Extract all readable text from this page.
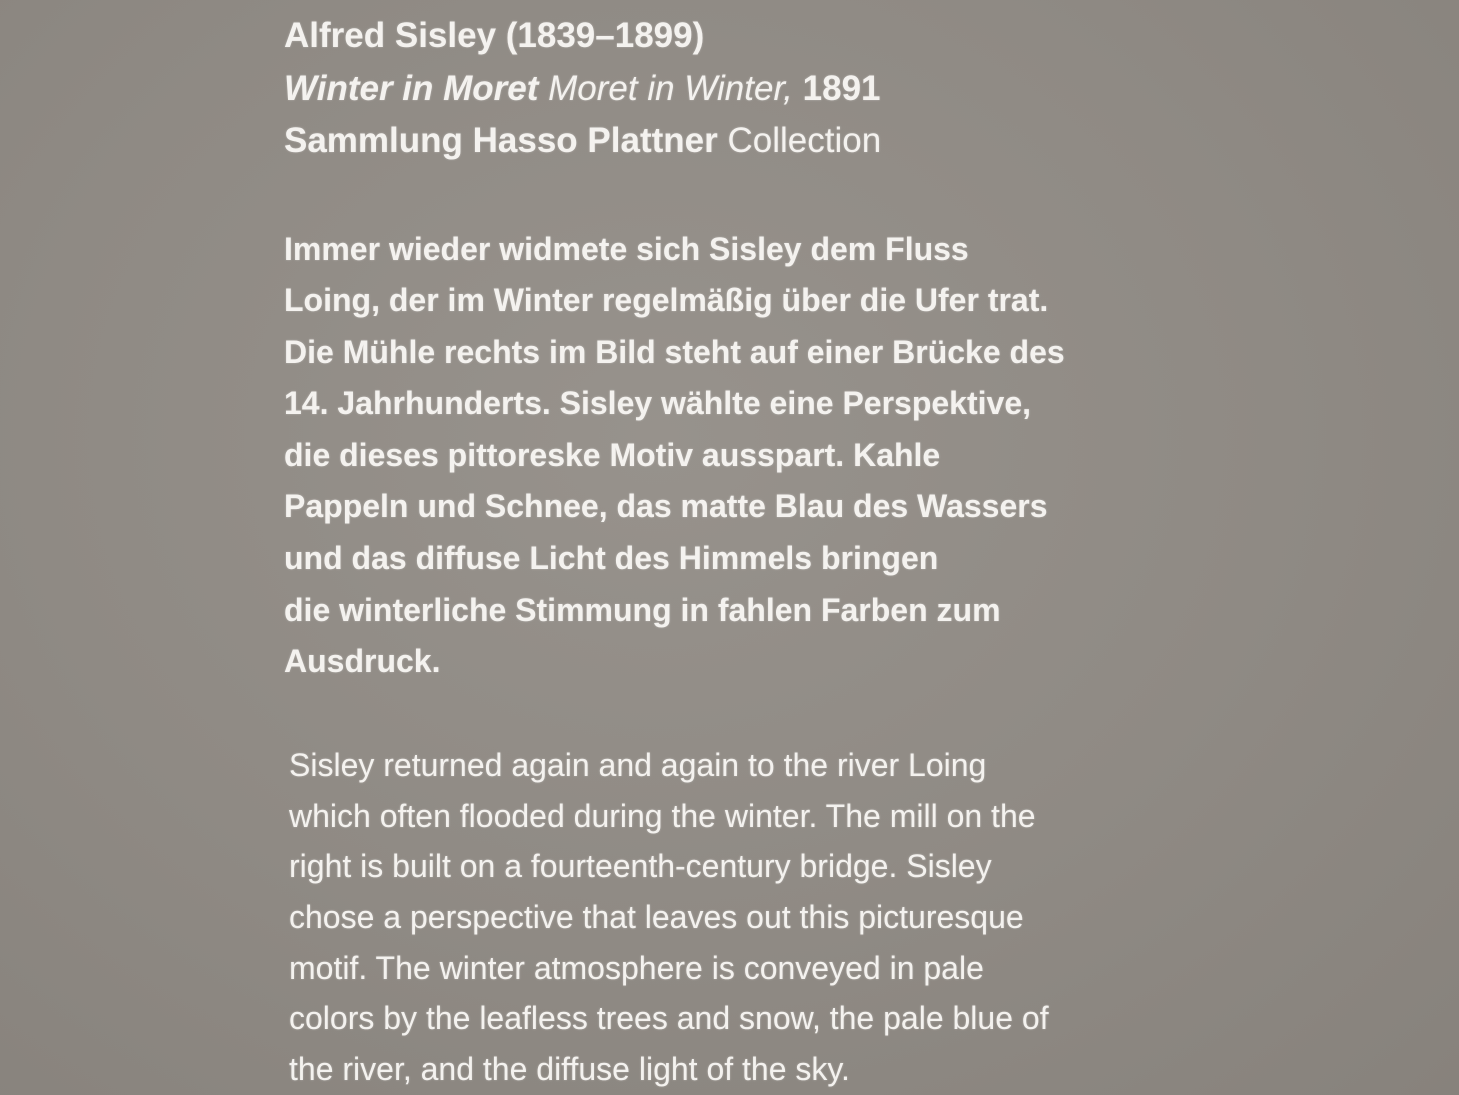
Alfred Sisley (1839–1899)
Winter in Moret Moret in Winter, 1891
Sammlung Hasso Plattner Collection
Immer wieder widmete sich Sisley dem Fluss
Loing, der im Winter regelmäßig über die Ufer trat.
Die Mühle rechts im Bild steht auf einer Brücke des
14. Jahrhunderts. Sisley wählte eine Perspektive,
die dieses pittoreske Motiv ausspart. Kahle
Pappeln und Schnee, das matte Blau des Wassers
und das diffuse Licht des Himmels bringen
die winterliche Stimmung in fahlen Farben zum
Ausdruck.
Sisley returned again and again to the river Loing
which often flooded during the winter. The mill on the
right is built on a fourteenth-century bridge. Sisley
chose a perspective that leaves out this picturesque
motif. The winter atmosphere is conveyed in pale
colors by the leafless trees and snow, the pale blue of
the river, and the diffuse light of the sky.
